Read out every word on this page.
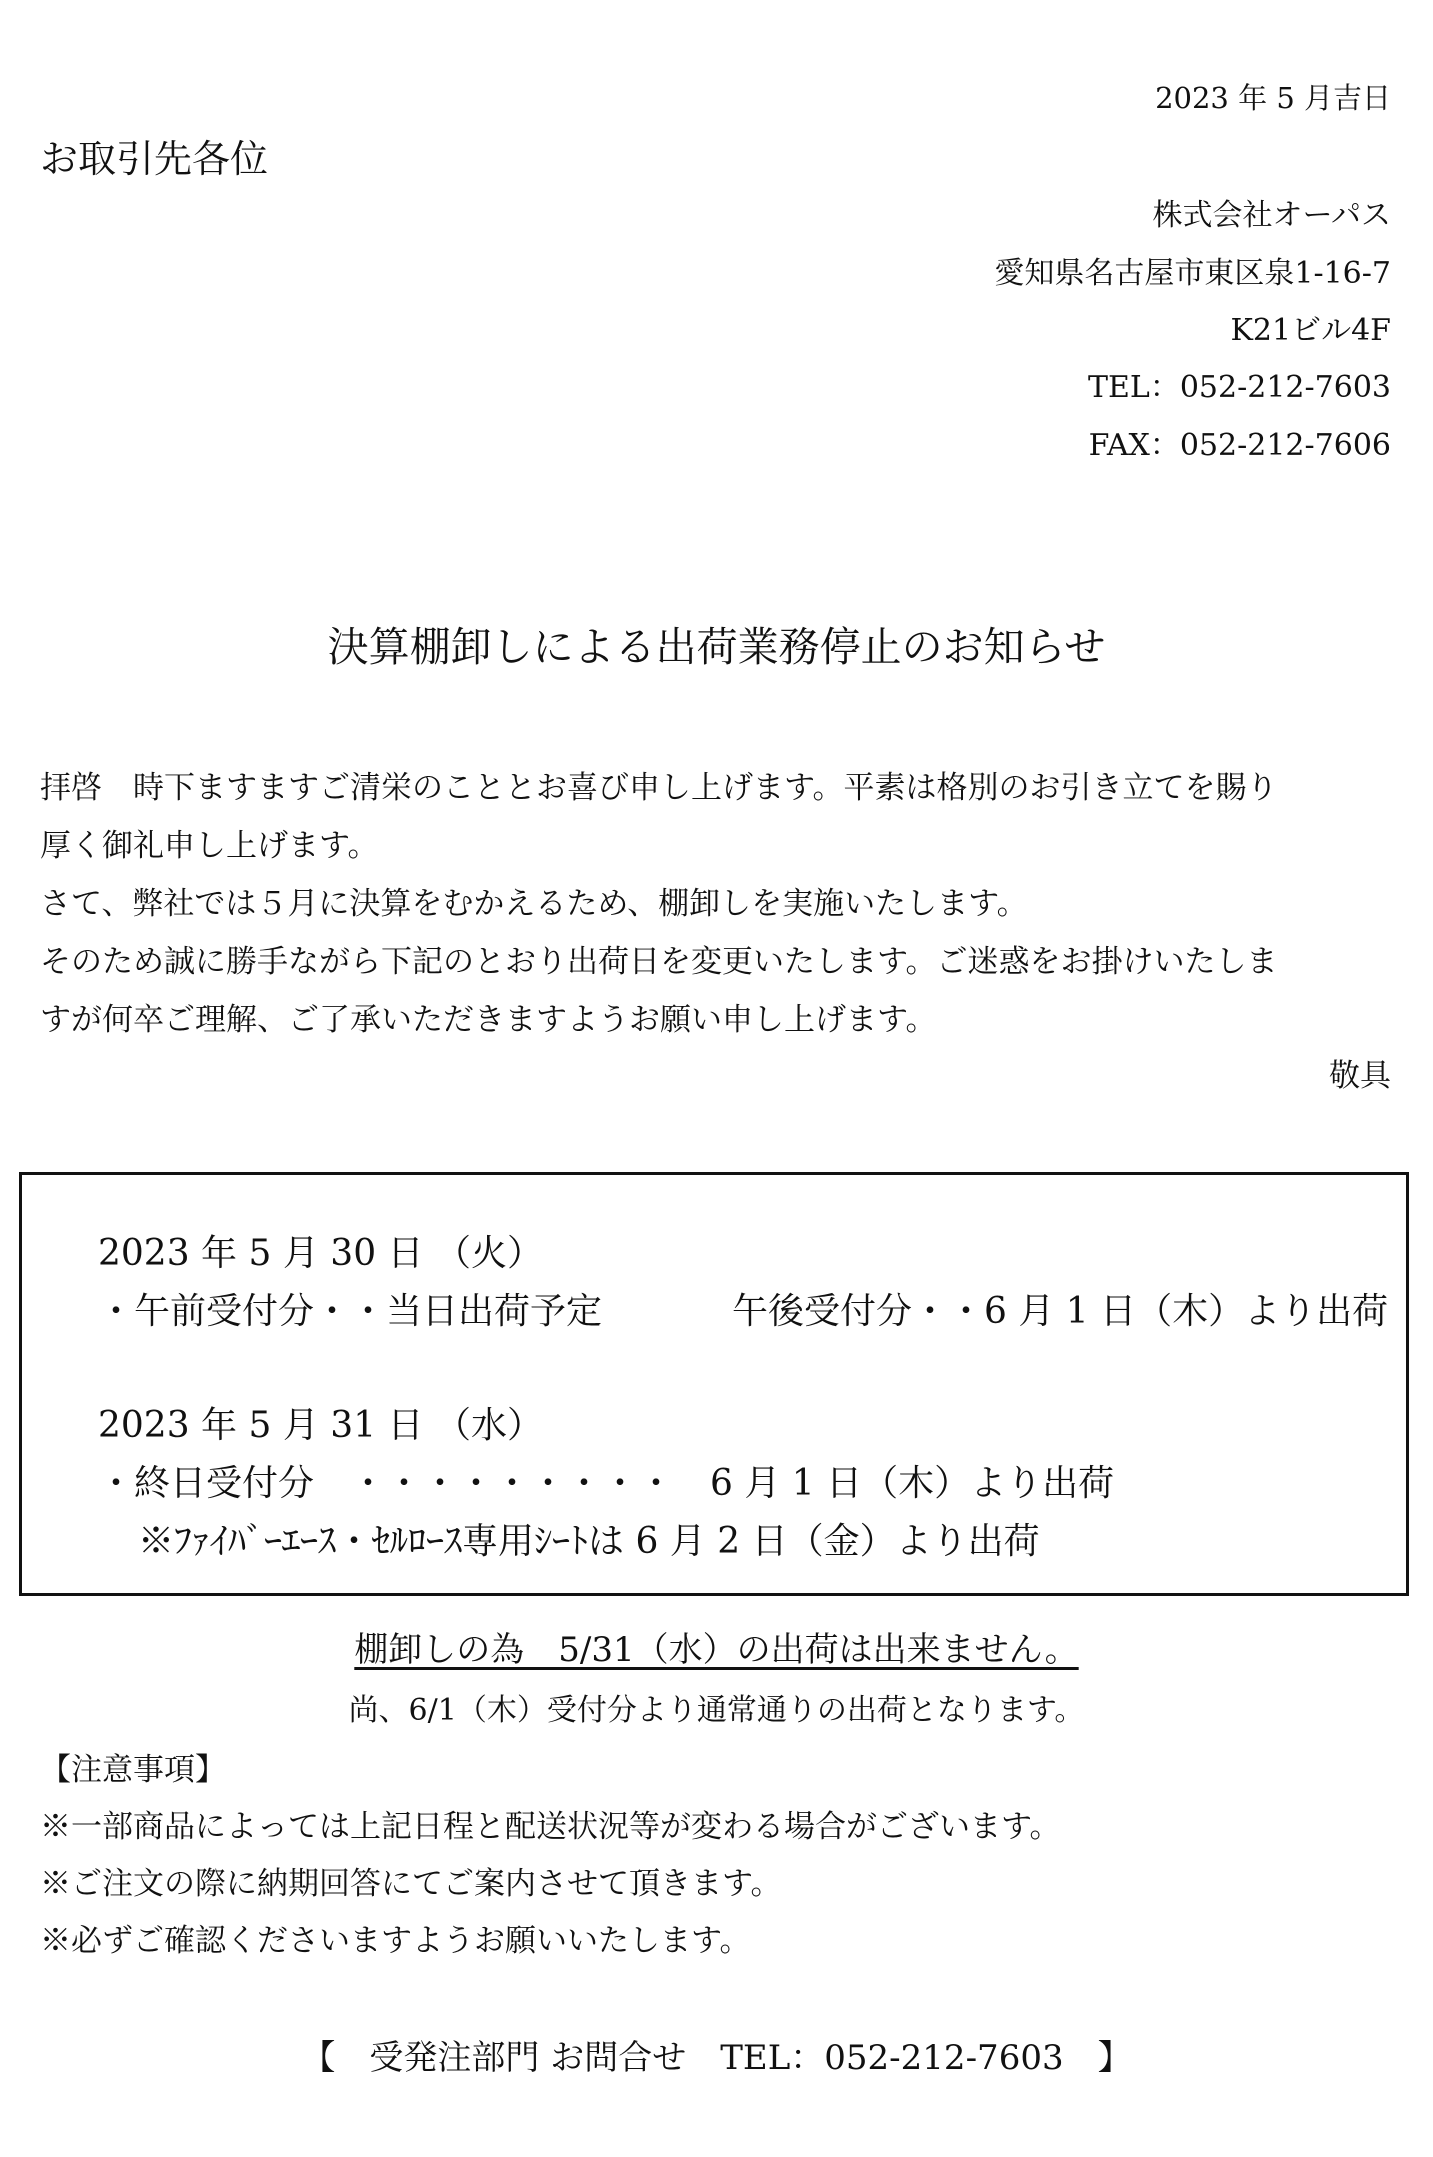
2023 年 5 月吉日
お取引先各位
株式会社オーパス
愛知県名古屋市東区泉1-16-7
K21ビル4F
TEL：052-212-7603
FAX：052-212-7606
決算棚卸しによる出荷業務停止のお知らせ
拝啓　時下ますますご清栄のこととお喜び申し上げます。平素は格別のお引き立てを賜り
厚く御礼申し上げます。
さて、弊社では５月に決算をむかえるため、棚卸しを実施いたします。
そのため誠に勝手ながら下記のとおり出荷日を変更いたします。ご迷惑をお掛けいたしま
すが何卒ご理解、ご了承いただきますようお願い申し上げます。
敬具
2023 年 5 月 30 日 （火）
・午前受付分・・当日出荷予定	午後受付分・・6 月 1 日（木）より出荷
2023 年 5 月 31 日 （水）
・終日受付分　・・・・・・・・・　6 月 1 日（木）より出荷
※ﾌｧｲﾊﾞｰｴｰｽ・ｾﾙﾛｰｽ専用ｼｰﾄは 6 月 2 日（金）より出荷
棚卸しの為　5/31（水）の出荷は出来ません。
尚、6/1（木）受付分より通常通りの出荷となります。
【注意事項】
※一部商品によっては上記日程と配送状況等が変わる場合がございます。
※ご注文の際に納期回答にてご案内させて頂きます。
※必ずご確認くださいますようお願いいたします。
【　受発注部門 お問合せ　TEL：052-212-7603　】
